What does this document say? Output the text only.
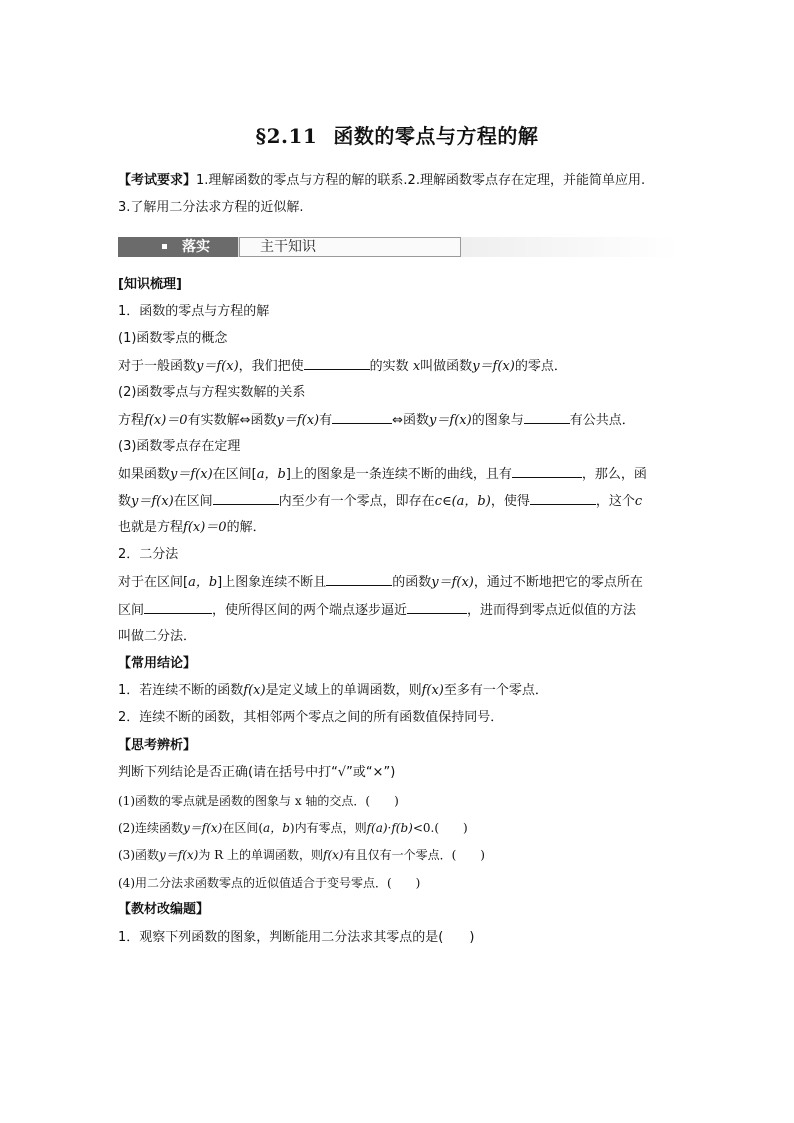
§2.11 函数的零点与方程的解
【考试要求】1.理解函数的零点与方程的解的联系.2.理解函数零点存在定理，并能简单应用.
3.了解用二分法求方程的近似解.
落实	主干知识
[知识梳理]
1．函数的零点与方程的解
(1)函数零点的概念
对于一般函数y＝f(x)，我们把使	的实数 x叫做函数y＝f(x)的零点．
(2)函数零点与方程实数解的关系
方程f(x)＝0有实数解⇔函数y＝f(x)有	⇔函数y＝f(x)的图象与	有公共点．
(3)函数零点存在定理
如果函数y＝f(x)在区间[a，b]上的图象是一条连续不断的曲线，且有	，那么，函
数y＝f(x)在区间	内至少有一个零点，即存在c∈(a，b)，使得	，这个c
也就是方程f(x)＝0的解．
2．二分法
对于在区间[a，b]上图象连续不断且	的函数y＝f(x)，通过不断地把它的零点所在
区间	，使所得区间的两个端点逐步逼近	，进而得到零点近似值的方法
叫做二分法．
【常用结论】
1．若连续不断的函数f(x)是定义域上的单调函数，则f(x)至多有一个零点．
2．连续不断的函数，其相邻两个零点之间的所有函数值保持同号．
【思考辨析】
判断下列结论是否正确(请在括号中打“√”或“×”)
(1)函数的零点就是函数的图象与 x 轴的交点．(　　)
(2)连续函数y＝f(x)在区间(a，b)内有零点，则f(a)·f(b)<0.(　　)
(3)函数y＝f(x)为 R 上的单调函数，则f(x)有且仅有一个零点．(　　)
(4)用二分法求函数零点的近似值适合于变号零点．(　　)
【教材改编题】
1．观察下列函数的图象，判断能用二分法求其零点的是(　　)
